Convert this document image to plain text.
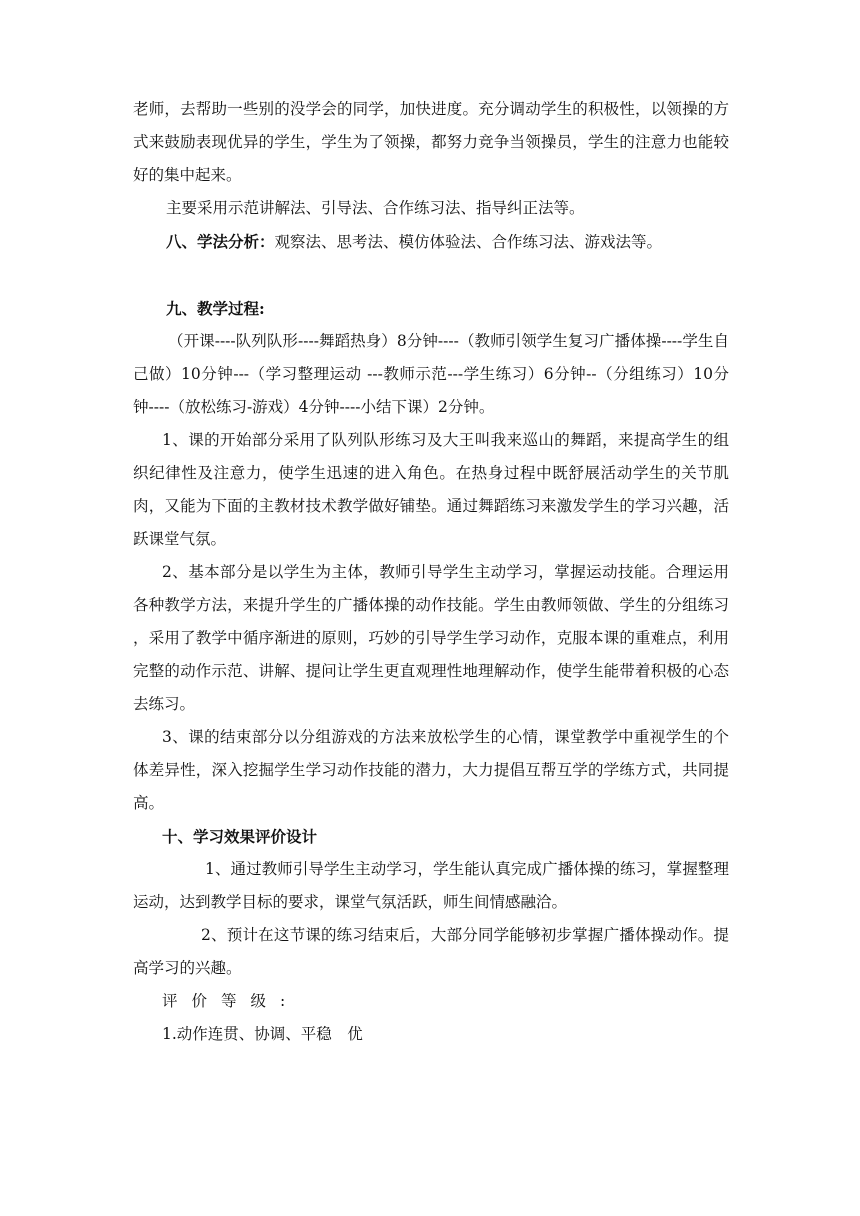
老师，去帮助一些别的没学会的同学，加快进度。充分调动学生的积极性，以领操的方式来鼓励表现优异的学生，学生为了领操，都努力竞争当领操员，学生的注意力也能较好的集中起来。

主要采用示范讲解法、引导法、合作练习法、指导纠正法等。

八、学法分析：观察法、思考法、模仿体验法、合作练习法、游戏法等。

九、教学过程:

（开课----队列队形----舞蹈热身）8分钟----（教师引领学生复习广播体操----学生自己做）10分钟---（学习整理运动 ---教师示范---学生练习）6分钟--（分组练习）10分钟----（放松练习-游戏）4分钟----小结下课）2分钟。

1、课的开始部分采用了队列队形练习及大王叫我来巡山的舞蹈，来提高学生的组织纪律性及注意力，使学生迅速的进入角色。在热身过程中既舒展活动学生的关节肌肉，又能为下面的主教材技术教学做好铺垫。通过舞蹈练习来激发学生的学习兴趣，活跃课堂气氛。

2、基本部分是以学生为主体，教师引导学生主动学习，掌握运动技能。合理运用各种教学方法，来提升学生的广播体操的动作技能。学生由教师领做、学生的分组练习 ，采用了教学中循序渐进的原则，巧妙的引导学生学习动作，克服本课的重难点，利用完整的动作示范、讲解、提问让学生更直观理性地理解动作，使学生能带着积极的心态去练习。

3、课的结束部分以分组游戏的方法来放松学生的心情，课堂教学中重视学生的个体差异性，深入挖掘学生学习动作技能的潜力，大力提倡互帮互学的学练方式，共同提高。

十、学习效果评价设计

1、通过教师引导学生主动学习，学生能认真完成广播体操的练习，掌握整理运动，达到教学目标的要求，课堂气氛活跃，师生间情感融洽。

2、预计在这节课的练习结束后，大部分同学能够初步掌握广播体操动作。提高学习的兴趣。

评价等级:

1.动作连贯、协调、平稳　优
